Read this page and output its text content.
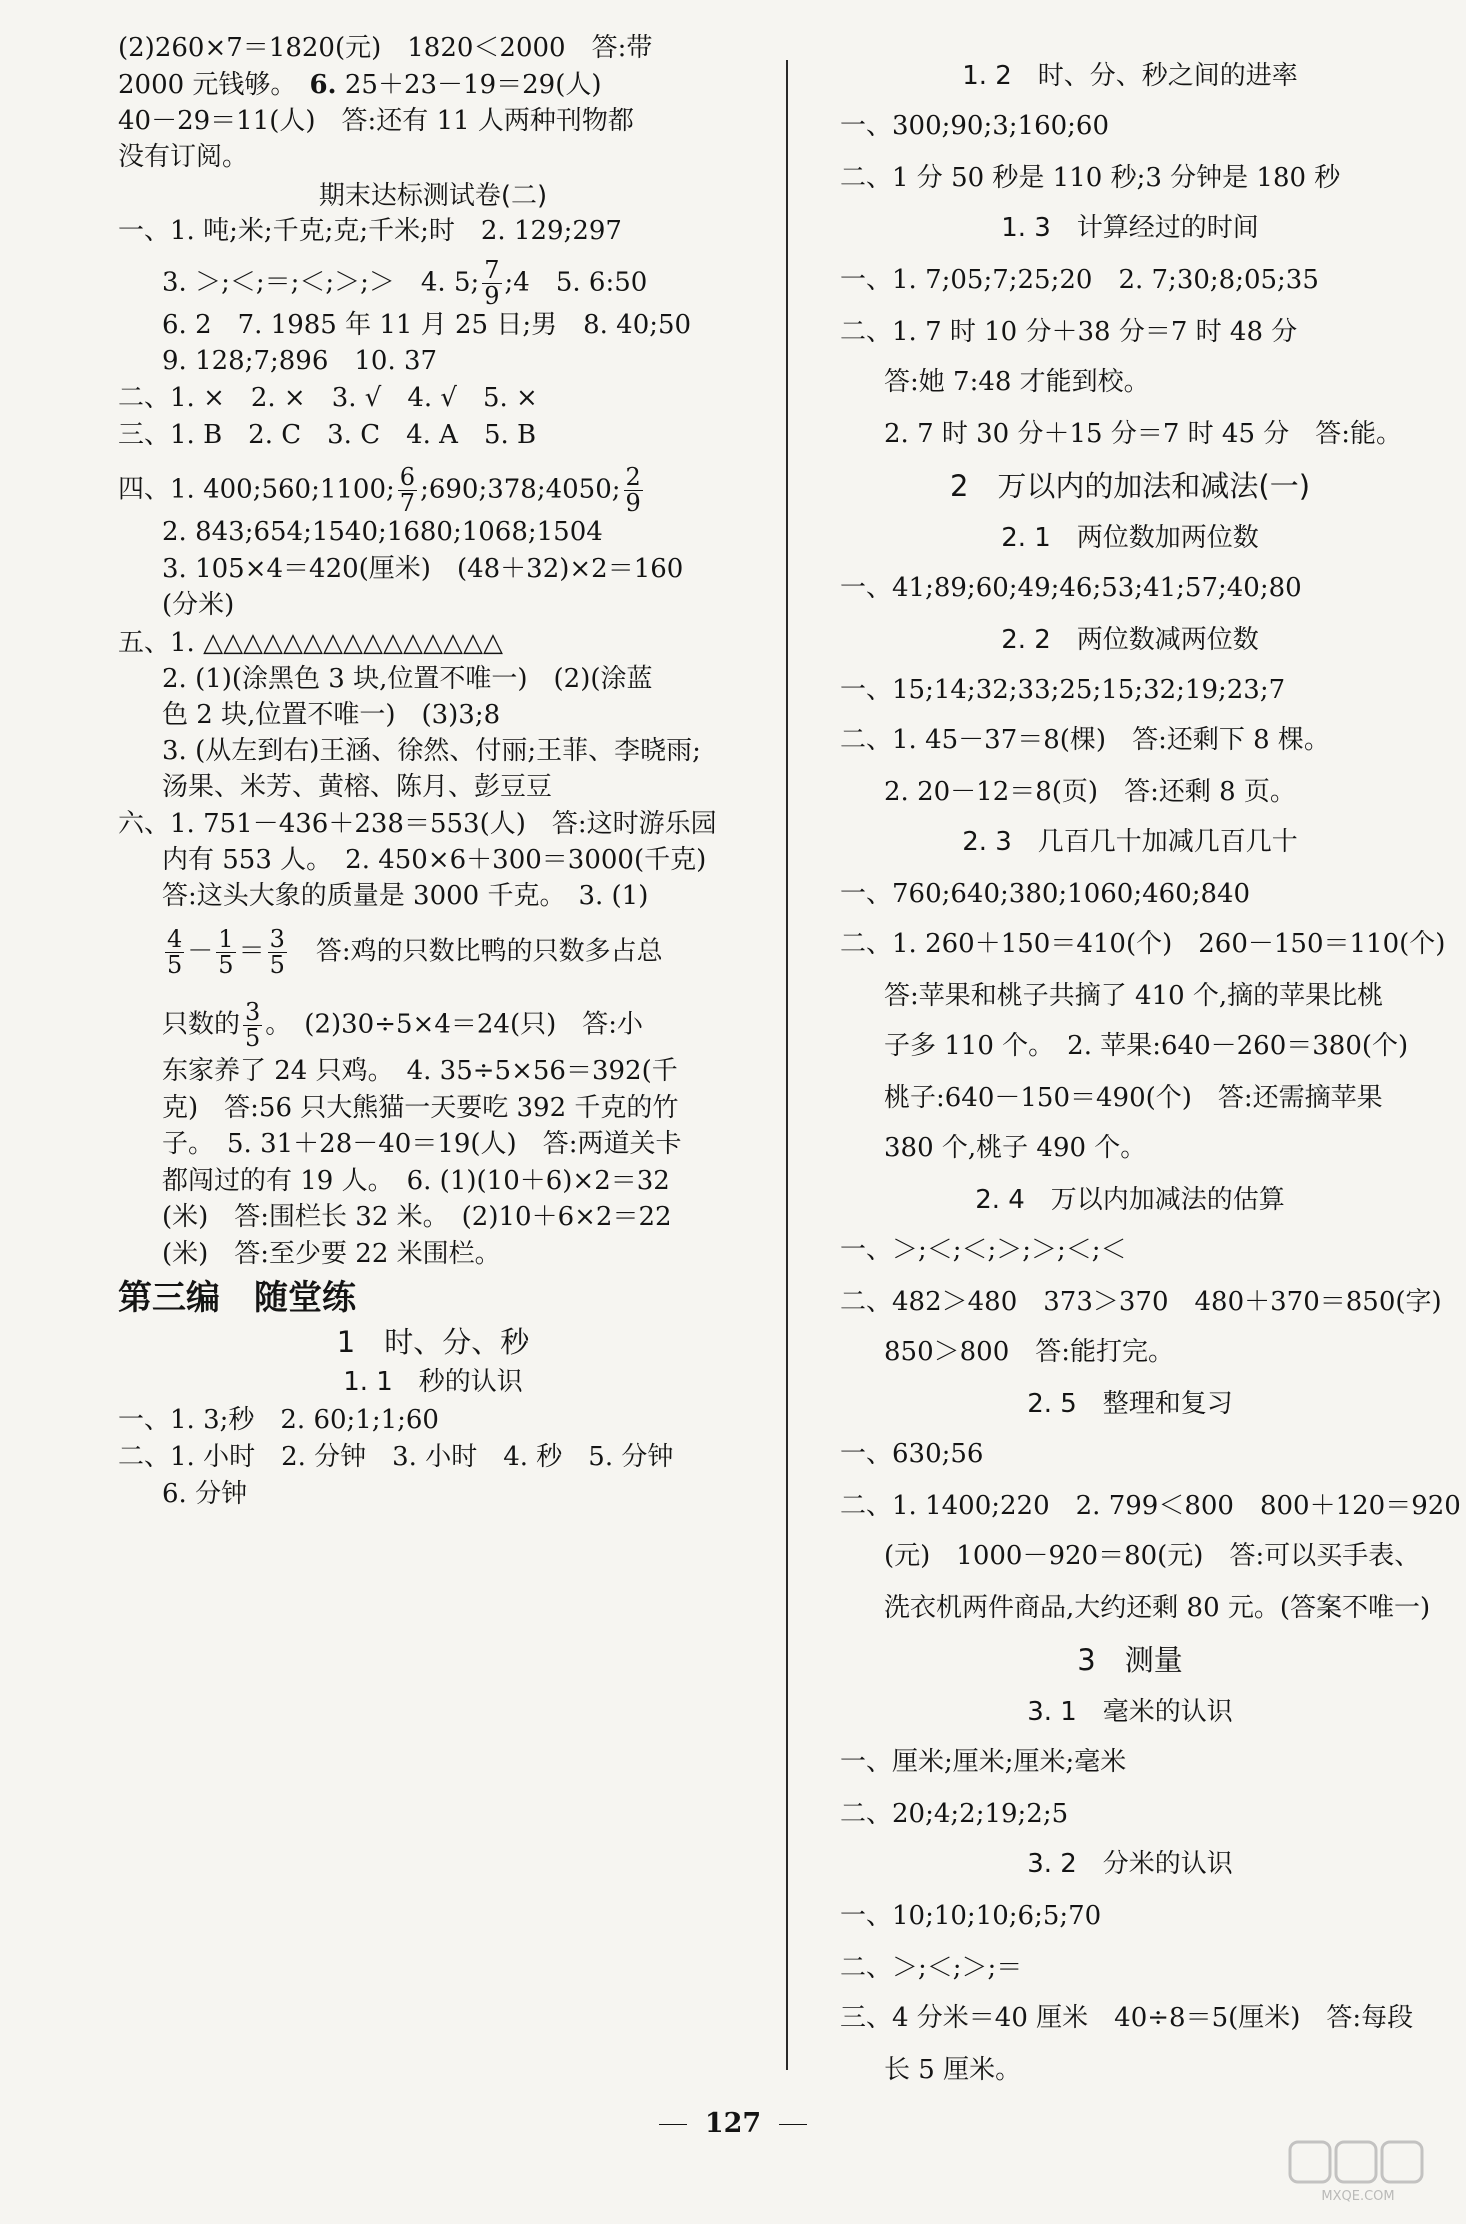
(2)260×7＝1820(元)　1820＜2000　答:带
2000 元钱够。　6. 25＋23－19＝29(人)
40－29＝11(人)　答:还有 11 人两种刊物都
没有订阅。
期末达标测试卷(二)
一、1. 吨;米;千克;克;千米;时　2. 129;297
3. ＞;＜;＝;＜;＞;＞　4. 5; $\frac{7}{9}$ ;4　5. 6:50
6. 2　7. 1985 年 11 月 25 日;男　8. 40;50
9. 128;7;896　10. 37
二、1. ×　2. ×　3. √　4. √　5. ×
三、1. B　2. C　3. C　4. A　5. B
四、1. 400;560;1100; $\frac{6}{7}$ ;690;378;4050; $\frac{2}{9}$
2. 843;654;1540;1680;1068;1504
3. 105×4＝420(厘米)　(48＋32)×2＝160
(分米)
五、1. △△△△△△△△△△△△△△△
2. (1)(涂黑色 3 块,位置不唯一)　(2)(涂蓝
色 2 块,位置不唯一)　(3)3;8
3. (从左到右)王涵、徐然、付丽;王菲、李晓雨;
汤果、米芳、黄榕、陈月、彭豆豆
六、1. 751－436＋238＝553(人)　答:这时游乐园
内有 553 人。　2. 450×6＋300＝3000(千克)
答:这头大象的质量是 3000 千克。　3. (1)
$\frac{4}{5} - \frac{1}{5} = \frac{3}{5}$ 　答:鸡的只数比鸭的只数多占总
只数的 $\frac{3}{5}$ 。　(2)30÷5×4＝24(只)　答:小
东家养了 24 只鸡。　4. 35÷5×56＝392(千
克)　答:56 只大熊猫一天要吃 392 千克的竹
子。　5. 31＋28－40＝19(人)　答:两道关卡
都闯过的有 19 人。　6. (1)(10＋6)×2＝32
(米)　答:围栏长 32 米。　(2)10＋6×2＝22
(米)　答:至少要 22 米围栏。
第三编　随堂练
1　时、分、秒
1. 1　秒的认识
一、1. 3;秒　2. 60;1;1;60
二、1. 小时　2. 分钟　3. 小时　4. 秒　5. 分钟
6. 分钟
1. 2　时、分、秒之间的进率
一、300;90;3;160;60
二、1 分 50 秒是 110 秒;3 分钟是 180 秒
1. 3　计算经过的时间
一、1. 7;05;7;25;20　2. 7;30;8;05;35
二、1. 7 时 10 分＋38 分＝7 时 48 分
答:她 7:48 才能到校。
2. 7 时 30 分＋15 分＝7 时 45 分　答:能。
2　万以内的加法和减法(一)
2. 1　两位数加两位数
一、41;89;60;49;46;53;41;57;40;80
2. 2　两位数减两位数
一、15;14;32;33;25;15;32;19;23;7
二、1. 45－37＝8(棵)　答:还剩下 8 棵。
2. 20－12＝8(页)　答:还剩 8 页。
2. 3　几百几十加减几百几十
一、760;640;380;1060;460;840
二、1. 260＋150＝410(个)　260－150＝110(个)
答:苹果和桃子共摘了 410 个,摘的苹果比桃
子多 110 个。　2. 苹果:640－260＝380(个)
桃子:640－150＝490(个)　答:还需摘苹果
380 个,桃子 490 个。
2. 4　万以内加减法的估算
一、＞;＜;＜;＞;＞;＜;＜
二、482＞480　373＞370　480＋370＝850(字)
850＞800　答:能打完。
2. 5　整理和复习
一、630;56
二、1. 1400;220　2. 799＜800　800＋120＝920
(元)　1000－920＝80(元)　答:可以买手表、
洗衣机两件商品,大约还剩 80 元。(答案不唯一)
3　测量
3. 1　毫米的认识
一、厘米;厘米;厘米;毫米
二、20;4;2;19;2;5
3. 2　分米的认识
一、10;10;10;6;5;70
二、＞;＜;＞;＝
三、4 分米＝40 厘米　40÷8＝5(厘米)　答:每段
长 5 厘米。
127
MXQE.COM
